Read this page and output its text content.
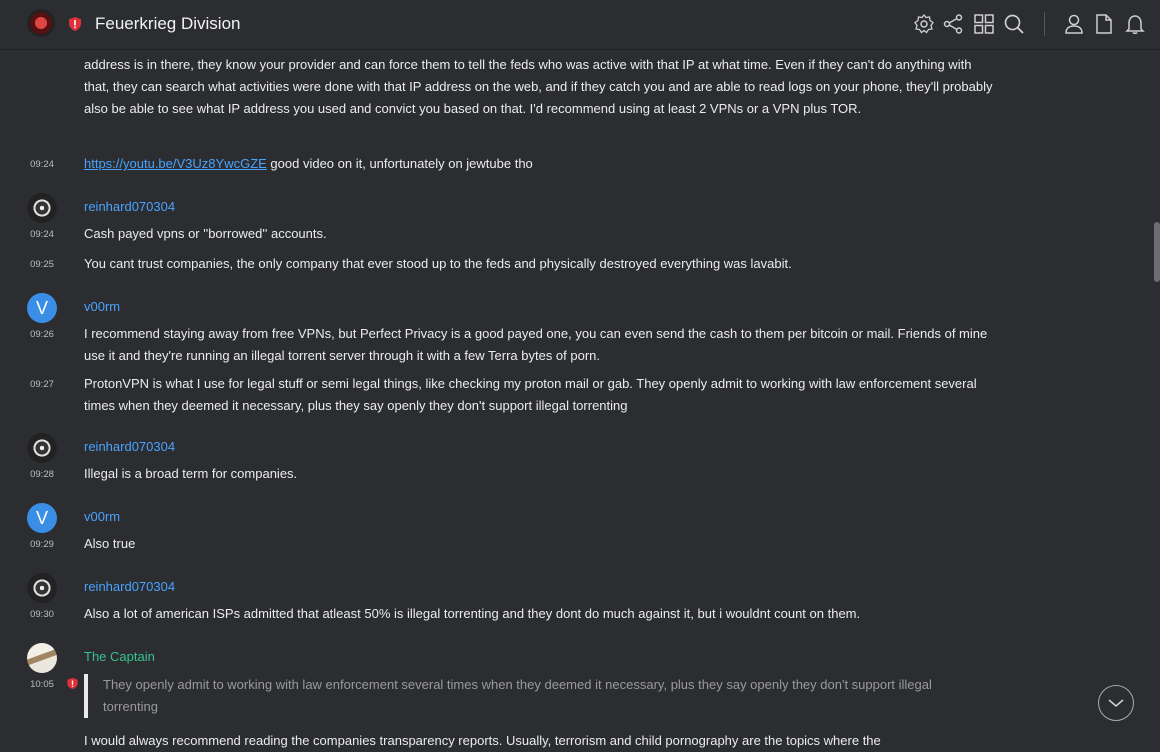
address is in there, they know your provider and can force them to tell the feds who was active with that IP at what time. Even if they can't do anything with that, they can search what activities were done with that IP address on the web, and if they catch you and are able to read logs on your phone, they'll probably also be able to see what IP address you used and convict you based on that. I'd recommend using at least 2 VPNs or a VPN plus TOR.
09:24 https://youtu.be/V3Uz8YwcGZE good video on it, unfortunately on jewtube tho
reinhard070304
09:24 Cash payed vpns or ''borrowed'' accounts.
09:25 You cant trust companies, the only company that ever stood up to the feds and physically destroyed everything was lavabit.
V	v00rm
09:26 I recommend staying away from free VPNs, but Perfect Privacy is a good payed one, you can even send the cash to them per bitcoin or mail. Friends of mine use it and they're running an illegal torrent server through it with a few Terra bytes of porn.
09:27 ProtonVPN is what I use for legal stuff or semi legal things, like checking my proton mail or gab. They openly admit to working with law enforcement several times when they deemed it necessary, plus they say openly they don't support illegal torrenting
reinhard070304
09:28 Illegal is a broad term for companies.
V	v00rm
09:29 Also true
reinhard070304
09:30 Also a lot of american ISPs admitted that atleast 50% is illegal torrenting and they dont do much against it, but i wouldnt count on them.
The Captain
10:05	They openly admit to working with law enforcement several times when they deemed it necessary, plus they say openly they don't support illegal torrenting
I would always recommend reading the companies transparency reports. Usually, terrorism and child pornography are the topics where the
Feuerkrieg Division
